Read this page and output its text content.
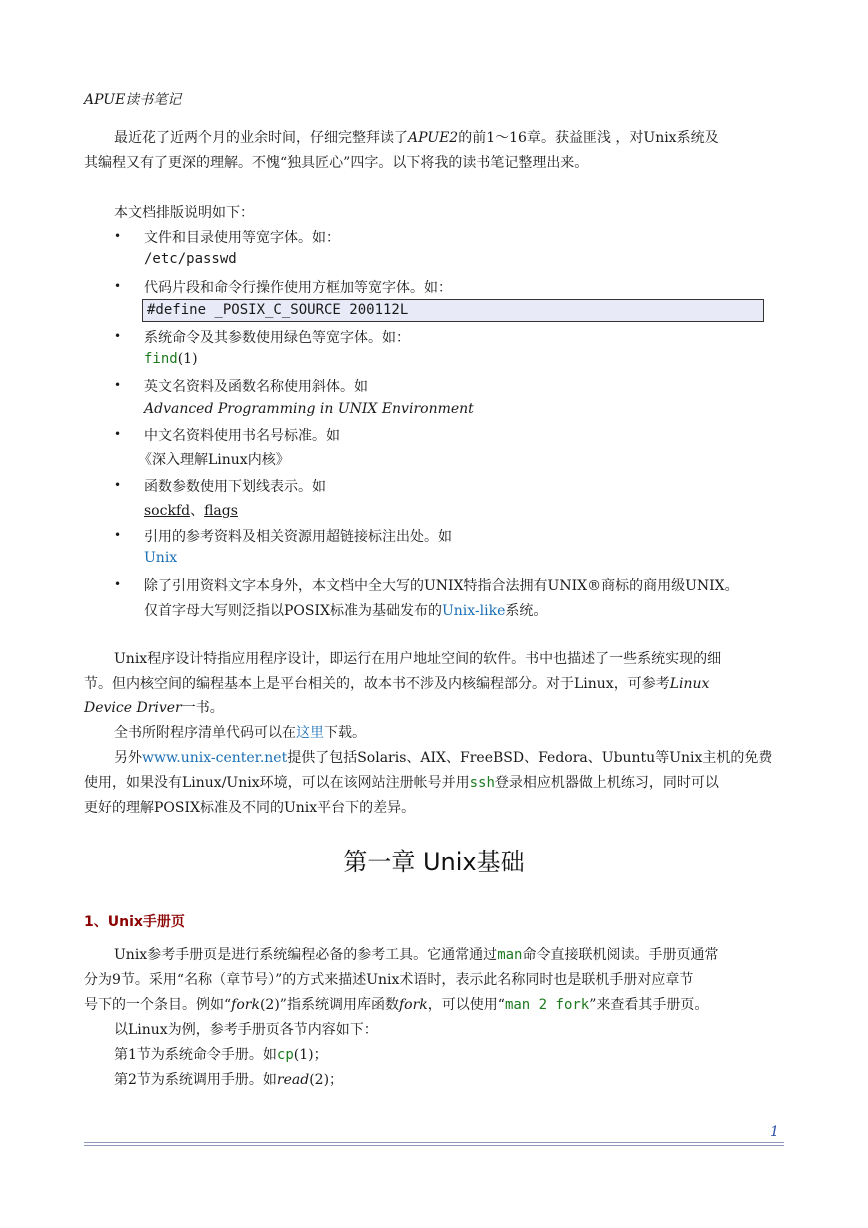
APUE读书笔记
最近花了近两个月的业余时间，仔细完整拜读了APUE2的前1～16章。获益匪浅 ，对Unix系统及
其编程又有了更深的理解。不愧“独具匠心”四字。以下将我的读书笔记整理出来。
本文档排版说明如下：
• 文件和目录使用等宽字体。如：
/etc/passwd
• 代码片段和命令行操作使用方框加等宽字体。如：
#define _POSIX_C_SOURCE 200112L
• 系统命令及其参数使用绿色等宽字体。如：
find(1)
• 英文名资料及函数名称使用斜体。如
Advanced Programming in UNIX Environment
• 中文名资料使用书名号标准。如
《深入理解Linux内核》
• 函数参数使用下划线表示。如
sockfd、flags
• 引用的参考资料及相关资源用超链接标注出处。如
Unix
• 除了引用资料文字本身外，本文档中全大写的UNIX特指合法拥有UNIX®商标的商用级UNIX。
仅首字母大写则泛指以POSIX标准为基础发布的Unix-like系统。
Unix程序设计特指应用程序设计，即运行在用户地址空间的软件。书中也描述了一些系统实现的细
节。但内核空间的编程基本上是平台相关的，故本书不涉及内核编程部分。对于Linux，可参考Linux
Device Driver一书。
全书所附程序清单代码可以在这里下载。
另外www.unix-center.net提供了包括Solaris、AIX、FreeBSD、Fedora、Ubuntu等Unix主机的免费
使用，如果没有Linux/Unix环境，可以在该网站注册帐号并用ssh登录相应机器做上机练习，同时可以
更好的理解POSIX标准及不同的Unix平台下的差异。
第一章 Unix基础
1、Unix手册页
Unix参考手册页是进行系统编程必备的参考工具。它通常通过man命令直接联机阅读。手册页通常
分为9节。采用“名称（章节号）”的方式来描述Unix术语时，表示此名称同时也是联机手册对应章节
号下的一个条目。例如“fork(2)”指系统调用库函数fork，可以使用“man 2 fork”来查看其手册页。
以Linux为例，参考手册页各节内容如下：
第1节为系统命令手册。如cp(1)；
第2节为系统调用手册。如read(2)；
1
